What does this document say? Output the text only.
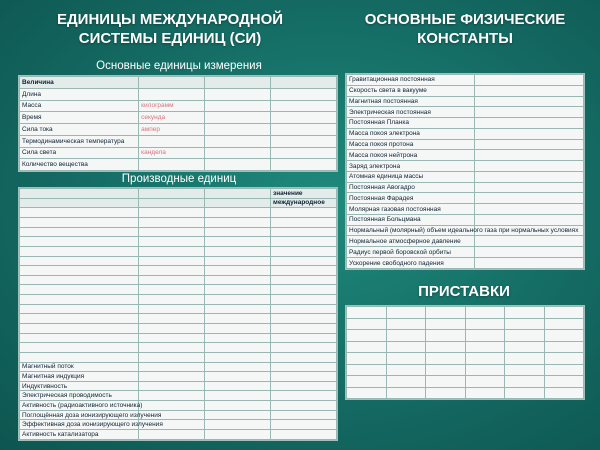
ЕДИНИЦЫ МЕЖДУНАРОДНОЙ
СИСТЕМЫ ЕДИНИЦ (СИ)
ОСНОВНЫЕ ФИЗИЧЕСКИЕ
КОНСТАНТЫ
Основные единицы измерения
Величина			
Длина			
Масса	килограмм		
Время	секунда		
Сила тока	ампер		
Термодинамическая температура			
Сила света	кандела		
Количество вещества			
Производные единиц
			значение
			международное

Магнитный поток			
Магнитная индукция			
Индуктивность			
Электрическая проводимость			
Активность (радиоактивного источника)			
Поглощённая доза ионизирующего излучения			
Эффективная доза ионизирующего излучения			
Активность катализатора			
Гравитационная постоянная	
Скорость света в вакууме	
Магнитная постоянная	
Электрическая постоянная	
Постоянная Планка	
Масса покоя электрона	
Масса покоя протона	
Масса покоя нейтрона	
Заряд электрона	
Атомная единица массы	
Постоянная Авогадро	
Постоянная Фарадея	
Молярная газовая постоянная	
Постоянная Больцмана	
Нормальный (молярный) объем идеального газа при нормальных условиях	
Нормальное атмосферное давление	
Радиус первой боровской орбиты	
Ускорение свободного падения	
ПРИСТАВКИ
